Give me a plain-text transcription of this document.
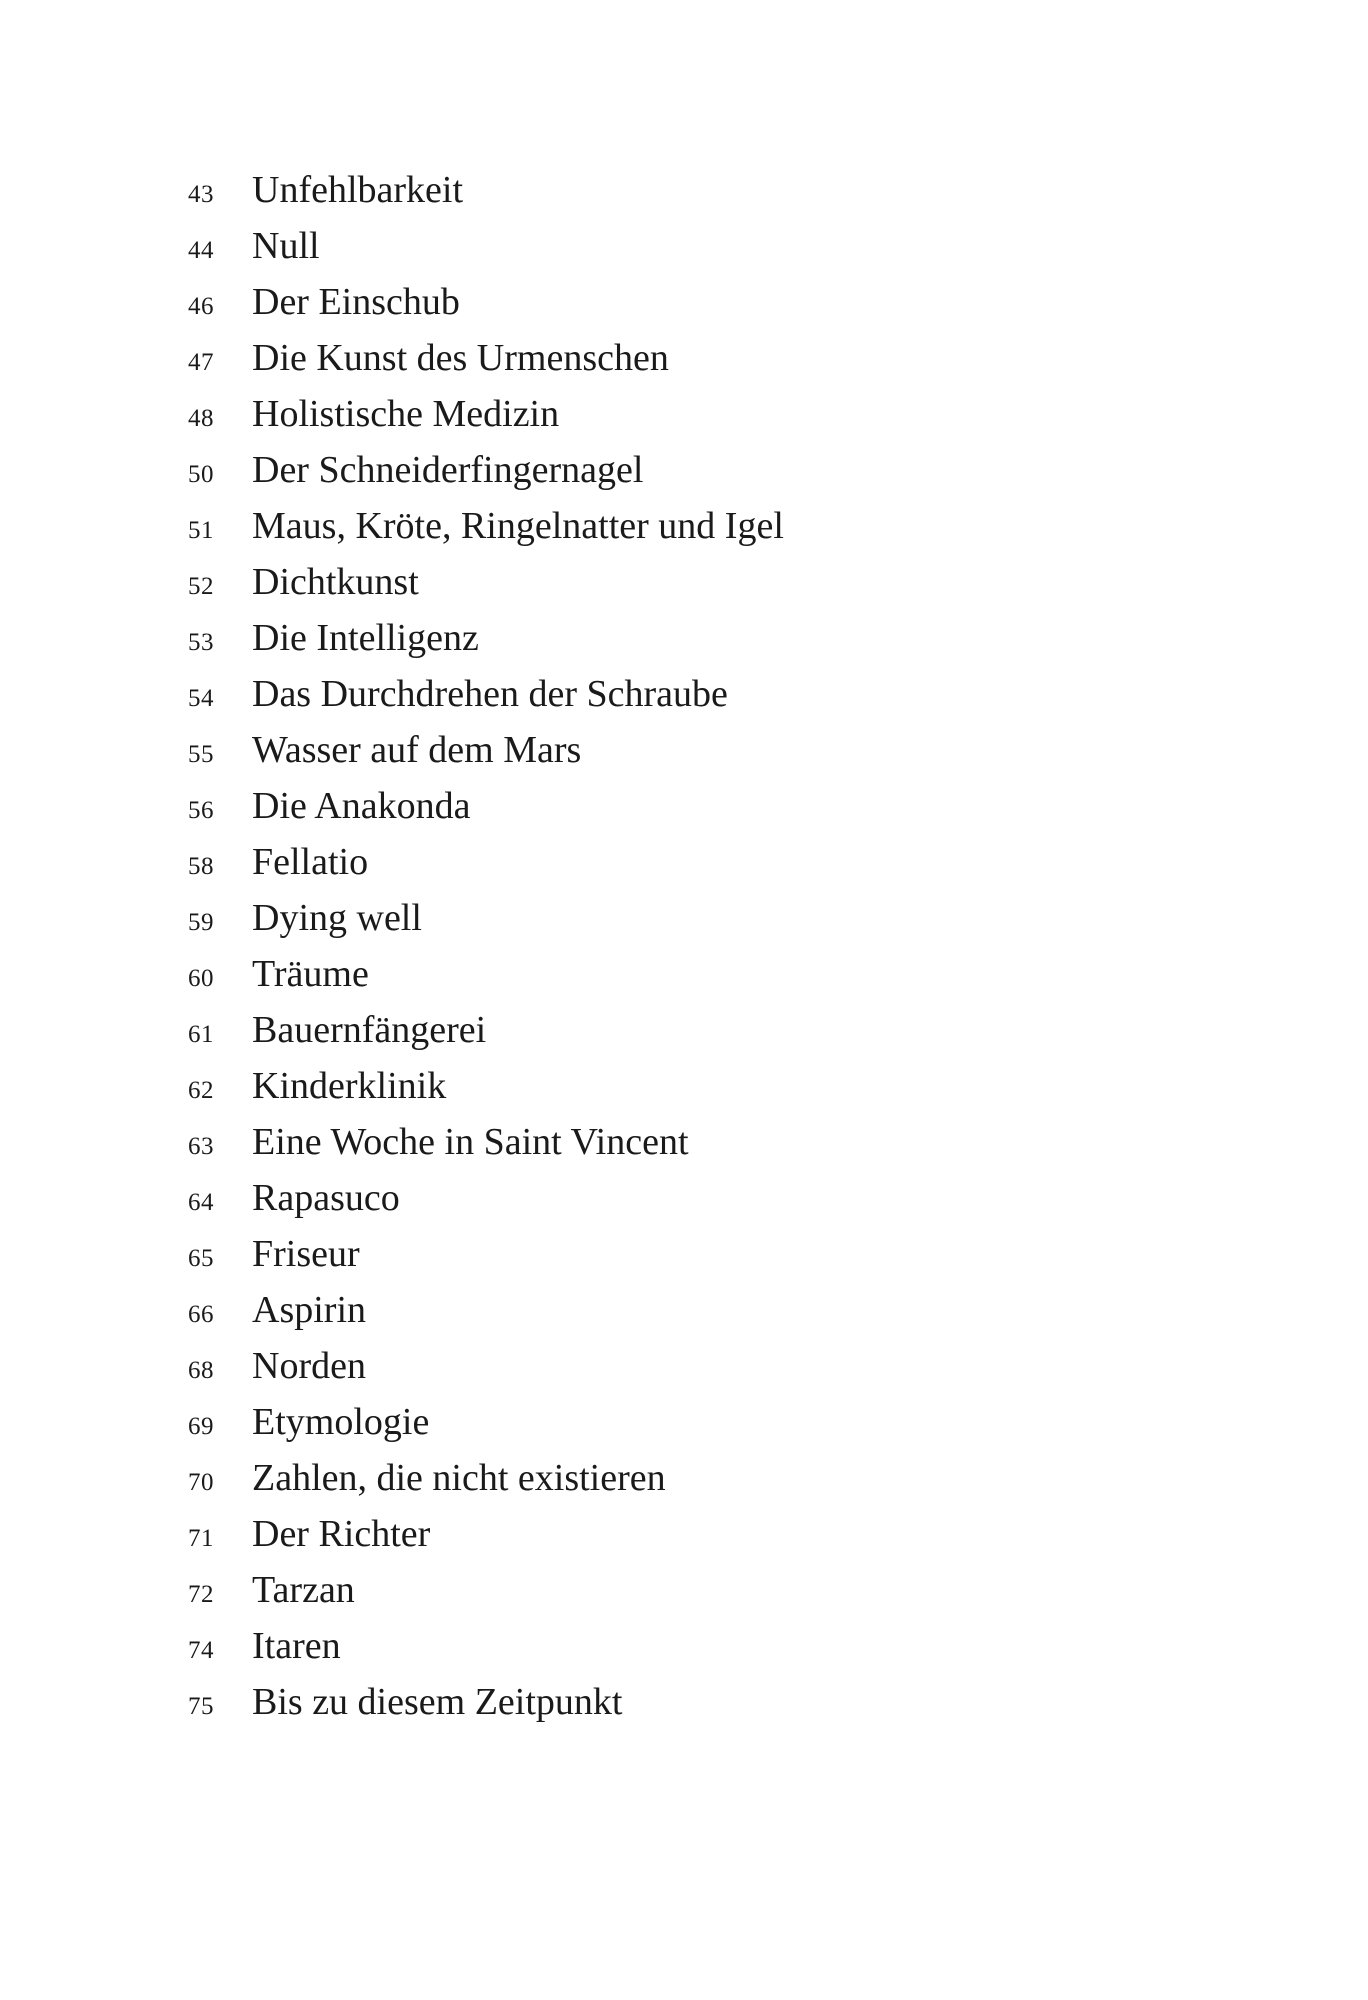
43	Unfehlbarkeit
44	Null
46	Der Einschub
47	Die Kunst des Urmenschen
48	Holistische Medizin
50	Der Schneiderfingernagel
51	Maus, Kröte, Ringelnatter und Igel
52	Dichtkunst
53	Die Intelligenz
54	Das Durchdrehen der Schraube
55	Wasser auf dem Mars
56	Die Anakonda
58	Fellatio
59	Dying well
60	Träume
61	Bauernfängerei
62	Kinderklinik
63	Eine Woche in Saint Vincent
64	Rapasuco
65	Friseur
66	Aspirin
68	Norden
69	Etymologie
70	Zahlen, die nicht existieren
71	Der Richter
72	Tarzan
74	Itaren
75	Bis zu diesem Zeitpunkt
